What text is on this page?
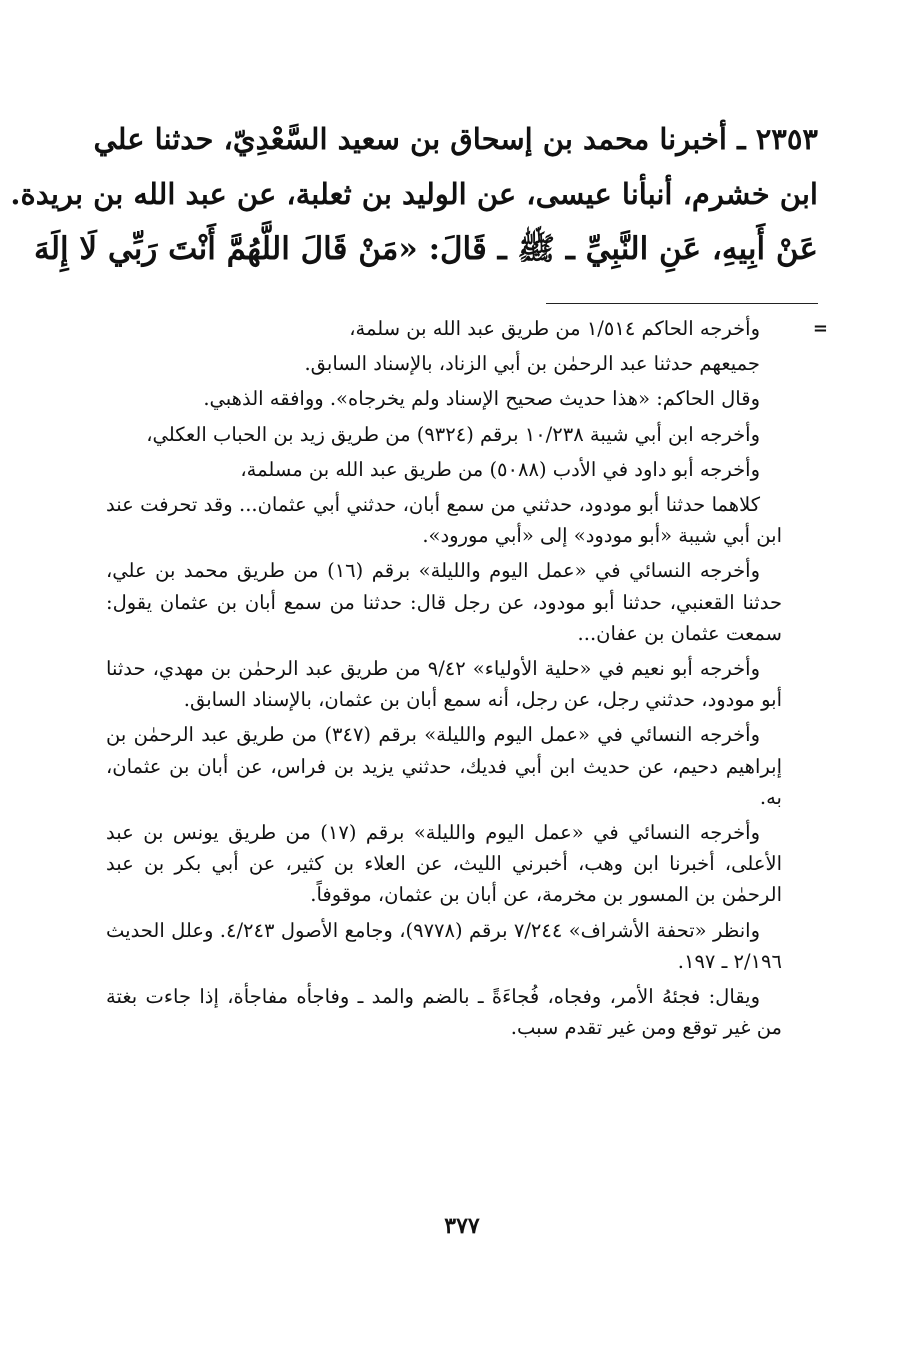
٢٣٥٣ ـ أخبرنا محمد بن إسحاق بن سعيد السَّعْدِيّ، حدثنا علي
ابن خشرم، أنبأنا عيسى، عن الوليد بن ثعلبة، عن عبد الله بن بريدة.
عَنْ أَبِيهِ، عَنِ النَّبِيِّ ـ ﷺ ـ قَالَ: «مَنْ قَالَ اللَّهُمَّ أَنْتَ رَبِّي لَا إِلَهَ
=
وأخرجه الحاكم ١/٥١٤ من طريق عبد الله بن سلمة،
جميعهم حدثنا عبد الرحمٰن بن أبي الزناد، بالإسناد السابق.
وقال الحاكم: «هذا حديث صحيح الإسناد ولم يخرجاه». ووافقه الذهبي.
وأخرجه ابن أبي شيبة ١٠/٢٣٨ برقم (٩٣٢٤) من طريق زيد بن الحباب العكلي،
وأخرجه أبو داود في الأدب (٥٠٨٨) من طريق عبد الله بن مسلمة،
كلاهما حدثنا أبو مودود، حدثني من سمع أبان، حدثني أبي عثمان... وقد تحرفت عند ابن أبي شيبة «أبو مودود» إلى «أبي مورود».
وأخرجه النسائي في «عمل اليوم والليلة» برقم (١٦) من طريق محمد بن علي، حدثنا القعنبي، حدثنا أبو مودود، عن رجل قال: حدثنا من سمع أبان بن عثمان يقول: سمعت عثمان بن عفان...
وأخرجه أبو نعيم في «حلية الأولياء» ٩/٤٢ من طريق عبد الرحمٰن بن مهدي، حدثنا أبو مودود، حدثني رجل، عن رجل، أنه سمع أبان بن عثمان، بالإسناد السابق.
وأخرجه النسائي في «عمل اليوم والليلة» برقم (٣٤٧) من طريق عبد الرحمٰن بن إبراهيم دحيم، عن حديث ابن أبي فديك، حدثني يزيد بن فراس، عن أبان بن عثمان، به.
وأخرجه النسائي في «عمل اليوم والليلة» برقم (١٧) من طريق يونس بن عبد الأعلى، أخبرنا ابن وهب، أخبرني الليث، عن العلاء بن كثير، عن أبي بكر بن عبد الرحمٰن بن المسور بن مخرمة، عن أبان بن عثمان، موقوفاً.
وانظر «تحفة الأشراف» ٧/٢٤٤ برقم (٩٧٧٨)، وجامع الأصول ٤/٢٤٣. وعلل الحديث ٢/١٩٦ ـ ١٩٧.
ويقال: فجئهُ الأمر، وفجاه، فُجاءَةً ـ بالضم والمد ـ وفاجأه مفاجأة، إذا جاءت بغتة من غير توقع ومن غير تقدم سبب.
٣٧٧
